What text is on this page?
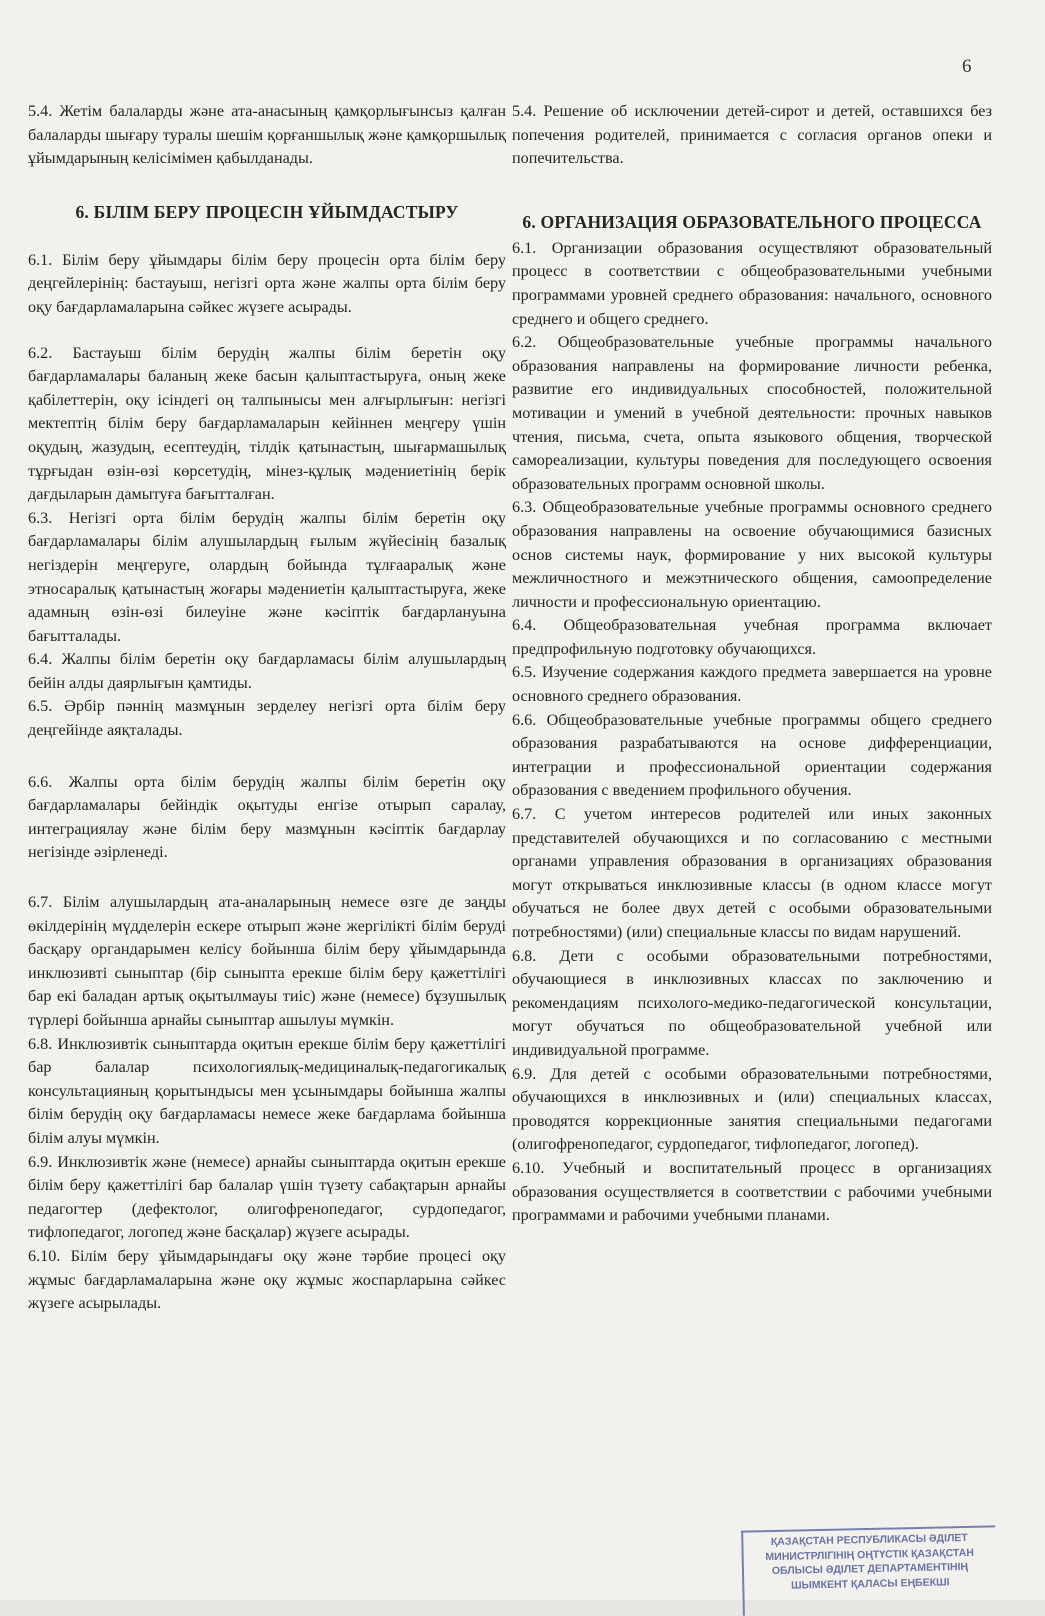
6

5.4. Жетім балаларды және ата-анасының қамқорлығынсыз қалған балаларды шығару туралы шешім қорғаншылық және қамқоршылық ұйымдарының келісімімен қабылданады.

6. БІЛІМ БЕРУ ПРОЦЕСІН ҰЙЫМДАСТЫРУ

6.1. Білім беру ұйымдары білім беру процесін орта білім беру деңгейлерінің: бастауыш, негізгі орта және жалпы орта білім беру оқу бағдарламаларына сәйкес жүзеге асырады.

6.2. Бастауыш білім берудің жалпы білім беретін оқу бағдарламалары баланың жеке басын қалыптастыруға, оның жеке қабілеттерін, оқу ісіндегі оң талпынысы мен алғырлығын: негізгі мектептің білім беру бағдарламаларын кейіннен меңгеру үшін оқудың, жазудың, есептеудің, тілдік қатынастың, шығармашылық тұрғыдан өзін-өзі көрсетудің, мінез-құлық мәдениетінің берік дағдыларын дамытуға бағытталған.

6.3. Негізгі орта білім берудің жалпы білім беретін оқу бағдарламалары білім алушылардың ғылым жүйесінің базалық негіздерін меңгеруге, олардың бойында тұлғааралық және этносаралық қатынастың жоғары мәдениетін қалыптастыруға, жеке адамның өзін-өзі билеуіне және кәсіптік бағдарлануына бағытталады.

6.4. Жалпы білім беретін оқу бағдарламасы білім алушылардың бейін алды даярлығын қамтиды.

6.5. Әрбір пәннің мазмұнын зерделеу негізгі орта білім беру деңгейінде аяқталады.

6.6. Жалпы орта білім берудің жалпы білім беретін оқу бағдарламалары бейіндік оқытуды енгізе отырып саралау, интеграциялау және білім беру мазмұнын кәсіптік бағдарлау негізінде әзірленеді.

6.7. Білім алушылардың ата-аналарының немесе өзге де заңды өкілдерінің мүдделерін ескере отырып және жергілікті білім беруді басқару органдарымен келісу бойынша білім беру ұйымдарында инклюзивті сыныптар (бір сыныпта ерекше білім беру қажеттілігі бар екі баладан артық оқытылмауы тиіс) және (немесе) бұзушылық түрлері бойынша арнайы сыныптар ашылуы мүмкін.

6.8. Инклюзивтік сыныптарда оқитын ерекше білім беру қажеттілігі бар балалар психологиялық-медициналық-педагогикалық консультацияның қорытындысы мен ұсынымдары бойынша жалпы білім берудің оқу бағдарламасы немесе жеке бағдарлама бойынша білім алуы мүмкін.

6.9. Инклюзивтік және (немесе) арнайы сыныптарда оқитын ерекше білім беру қажеттілігі бар балалар үшін түзету сабақтарын арнайы педагогтер (дефектолог, олигофренопедагог, сурдопедагог, тифлопедагог, логопед және басқалар) жүзеге асырады.

6.10. Білім беру ұйымдарындағы оқу және тәрбие процесі оқу жұмыс бағдарламаларына және оқу жұмыс жоспарларына сәйкес жүзеге асырылады.

5.4. Решение об исключении детей-сирот и детей, оставшихся без попечения родителей, принимается с согласия органов опеки и попечительства.

6. ОРГАНИЗАЦИЯ ОБРАЗОВАТЕЛЬНОГО ПРОЦЕССА

6.1. Организации образования осуществляют образовательный процесс в соответствии с общеобразовательными учебными программами уровней среднего образования: начального, основного среднего и общего среднего.

6.2. Общеобразовательные учебные программы начального образования направлены на формирование личности ребенка, развитие его индивидуальных способностей, положительной мотивации и умений в учебной деятельности: прочных навыков чтения, письма, счета, опыта языкового общения, творческой самореализации, культуры поведения для последующего освоения образовательных программ основной школы.

6.3. Общеобразовательные учебные программы основного среднего образования направлены на освоение обучающимися базисных основ системы наук, формирование у них высокой культуры межличностного и межэтнического общения, самоопределение личности и профессиональную ориентацию.

6.4. Общеобразовательная учебная программа включает предпрофильную подготовку обучающихся.

6.5. Изучение содержания каждого предмета завершается на уровне основного среднего образования.

6.6. Общеобразовательные учебные программы общего среднего образования разрабатываются на основе дифференциации, интеграции и профессиональной ориентации содержания образования с введением профильного обучения.

6.7. С учетом интересов родителей или иных законных представителей обучающихся и по согласованию с местными органами управления образования в организациях образования могут открываться инклюзивные классы (в одном классе могут обучаться не более двух детей с особыми образовательными потребностями) (или) специальные классы по видам нарушений.

6.8. Дети с особыми образовательными потребностями, обучающиеся в инклюзивных классах по заключению и рекомендациям психолого-медико-педагогической консультации, могут обучаться по общеобразовательной учебной или индивидуальной программе.

6.9. Для детей с особыми образовательными потребностями, обучающихся в инклюзивных и (или) специальных классах, проводятся коррекционные занятия специальными педагогами (олигофренопедагог, сурдопедагог, тифлопедагог, логопед).

6.10. Учебный и воспитательный процесс в организациях образования осуществляется в соответствии с рабочими учебными программами и рабочими учебными планами.

ҚАЗАҚСТАН РЕСПУБЛИКАСЫ ӘДІЛЕТ
МИНИСТРЛІГІНІҢ ОҢТҮСТІК ҚАЗАҚСТАН
ОБЛЫСЫ ӘДІЛЕТ ДЕПАРТАМЕНТІНІҢ
ШЫМКЕНТ ҚАЛАСЫ ЕҢБЕКШІ
